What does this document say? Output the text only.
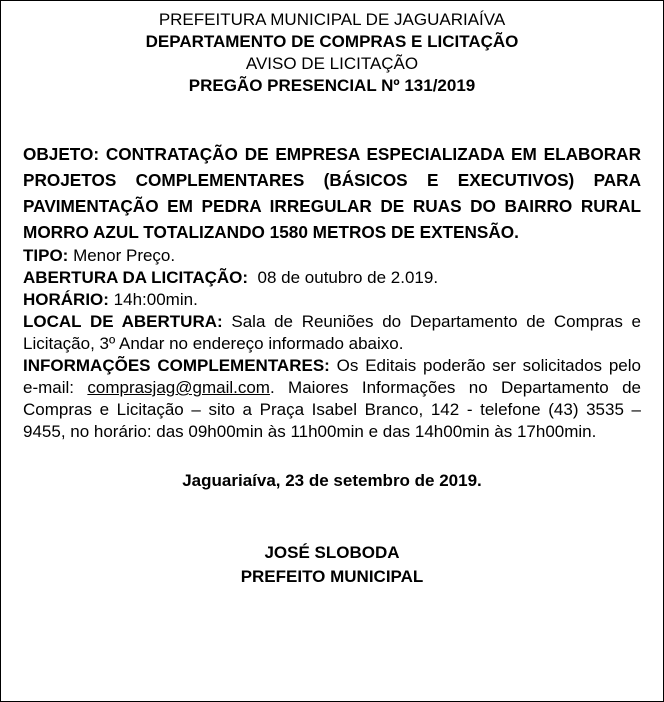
PREFEITURA MUNICIPAL DE JAGUARIAÍVA
DEPARTAMENTO DE COMPRAS E LICITAÇÃO
AVISO DE LICITAÇÃO
PREGÃO PRESENCIAL Nº 131/2019

OBJETO: CONTRATAÇÃO DE EMPRESA ESPECIALIZADA EM ELABORAR PROJETOS COMPLEMENTARES (BÁSICOS E EXECUTIVOS) PARA PAVIMENTAÇÃO EM PEDRA IRREGULAR DE RUAS DO BAIRRO RURAL MORRO AZUL TOTALIZANDO 1580 METROS DE EXTENSÃO.

TIPO: Menor Preço.

ABERTURA DA LICITAÇÃO:  08 de outubro de 2.019.

HORÁRIO: 14h:00min.

LOCAL DE ABERTURA: Sala de Reuniões do Departamento de Compras e Licitação, 3º Andar no endereço informado abaixo.

INFORMAÇÕES COMPLEMENTARES: Os Editais poderão ser solicitados pelo e-mail: comprasjag@gmail.com. Maiores Informações no Departamento de Compras e Licitação – sito a Praça Isabel Branco, 142 - telefone (43) 3535 – 9455, no horário: das 09h00min às 11h00min e das 14h00min às 17h00min.

Jaguariaíva, 23 de setembro de 2019.
JOSÉ SLOBODA
PREFEITO MUNICIPAL
